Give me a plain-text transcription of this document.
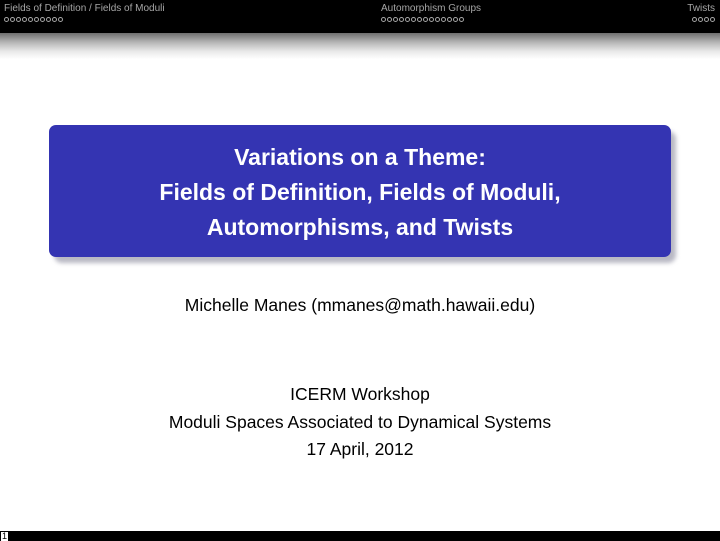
Fields of Definition / Fields of Moduli	Automorphism Groups	Twists
Variations on a Theme:
Fields of Definition, Fields of Moduli,
Automorphisms, and Twists
Michelle Manes (mmanes@math.hawaii.edu)
ICERM Workshop
Moduli Spaces Associated to Dynamical Systems
17 April, 2012
1
